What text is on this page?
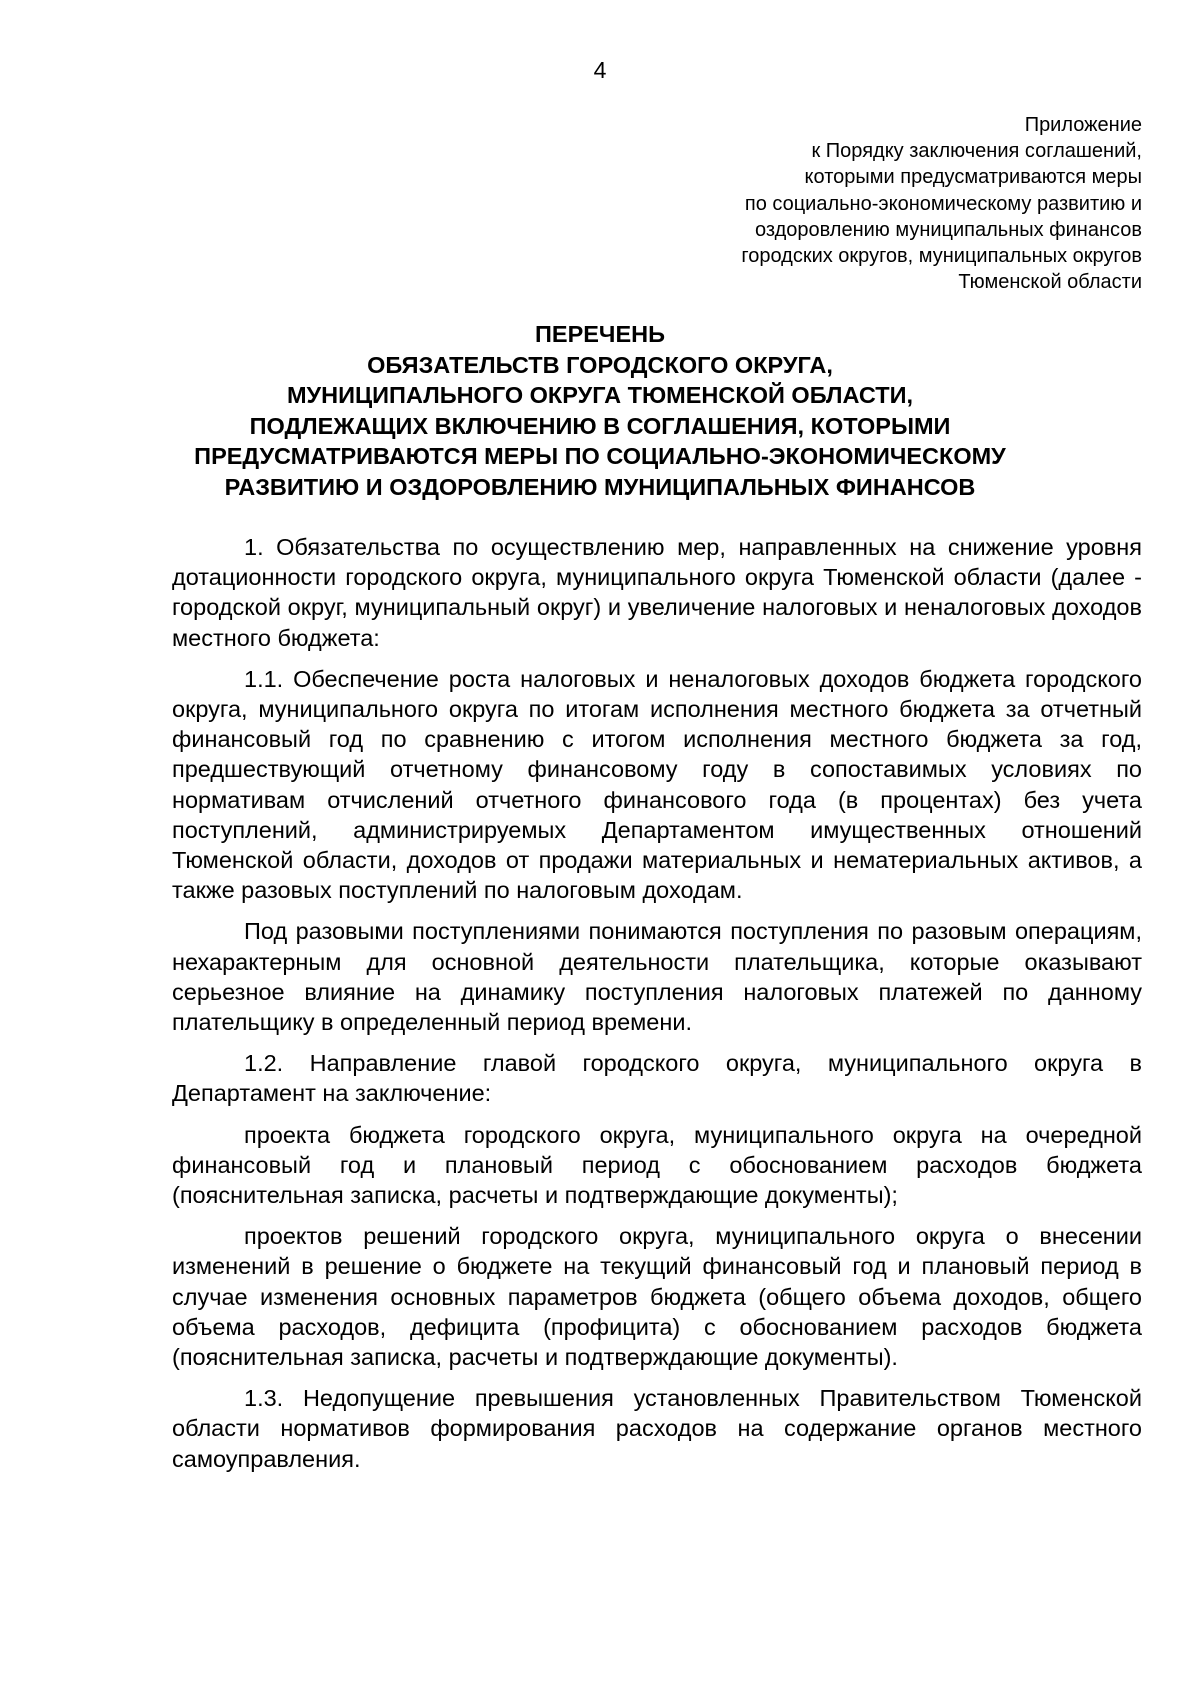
4
Приложение
к Порядку заключения соглашений,
которыми предусматриваются меры
по социально-экономическому развитию и
оздоровлению муниципальных финансов
городских округов, муниципальных округов
Тюменской области
ПЕРЕЧЕНЬ
ОБЯЗАТЕЛЬСТВ ГОРОДСКОГО ОКРУГА,
МУНИЦИПАЛЬНОГО ОКРУГА ТЮМЕНСКОЙ ОБЛАСТИ,
ПОДЛЕЖАЩИХ ВКЛЮЧЕНИЮ В СОГЛАШЕНИЯ, КОТОРЫМИ
ПРЕДУСМАТРИВАЮТСЯ МЕРЫ ПО СОЦИАЛЬНО-ЭКОНОМИЧЕСКОМУ
РАЗВИТИЮ И ОЗДОРОВЛЕНИЮ МУНИЦИПАЛЬНЫХ ФИНАНСОВ

1. Обязательства по осуществлению мер, направленных на снижение уровня дотационности городского округа, муниципального округа Тюменской области (далее - городской округ, муниципальный округ) и увеличение налоговых и неналоговых доходов местного бюджета:

1.1. Обеспечение роста налоговых и неналоговых доходов бюджета городского округа, муниципального округа по итогам исполнения местного бюджета за отчетный финансовый год по сравнению с итогом исполнения местного бюджета за год, предшествующий отчетному финансовому году в сопоставимых условиях по нормативам отчислений отчетного финансового года (в процентах) без учета поступлений, администрируемых Департаментом имущественных отношений Тюменской области, доходов от продажи материальных и нематериальных активов, а также разовых поступлений по налоговым доходам.

Под разовыми поступлениями понимаются поступления по разовым операциям, нехарактерным для основной деятельности плательщика, которые оказывают серьезное влияние на динамику поступления налоговых платежей по данному плательщику в определенный период времени.

1.2. Направление главой городского округа, муниципального округа в Департамент на заключение:

проекта бюджета городского округа, муниципального округа на очередной финансовый год и плановый период с обоснованием расходов бюджета (пояснительная записка, расчеты и подтверждающие документы);

проектов решений городского округа, муниципального округа о внесении изменений в решение о бюджете на текущий финансовый год и плановый период в случае изменения основных параметров бюджета (общего объема доходов, общего объема расходов, дефицита (профицита) с обоснованием расходов бюджета (пояснительная записка, расчеты и подтверждающие документы).

1.3. Недопущение превышения установленных Правительством Тюменской области нормативов формирования расходов на содержание органов местного самоуправления.
